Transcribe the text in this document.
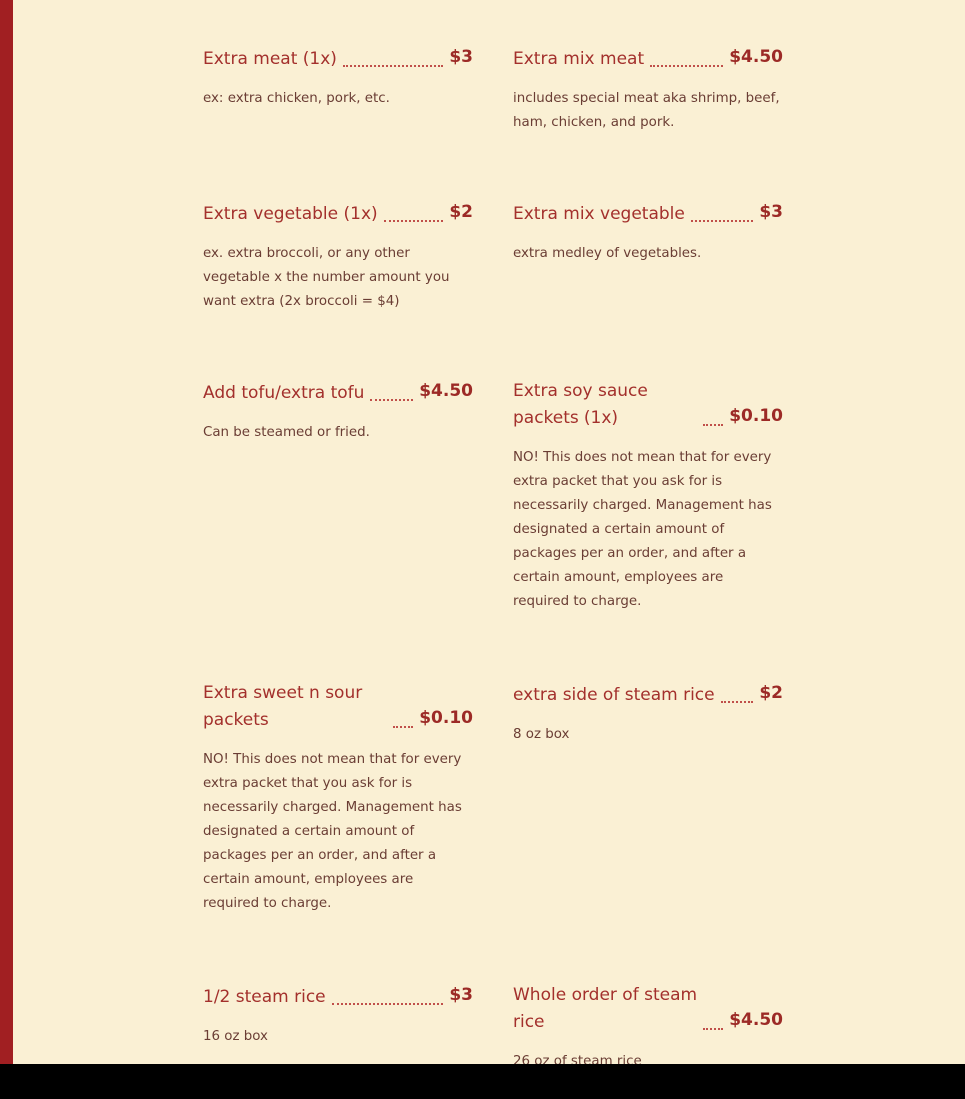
Extra meat (1x)	$3
ex: extra chicken, pork, etc.
Extra mix meat	$4.50
includes special meat aka shrimp, beef, ham, chicken, and pork.
Extra vegetable (1x)	$2
ex. extra broccoli, or any other vegetable x the number amount you want extra (2x broccoli = $4)
Extra mix vegetable	$3
extra medley of vegetables.
Add tofu/extra tofu	$4.50
Can be steamed or fried.
Extra soy sauce packets (1x)	$0.10
NO! This does not mean that for every extra packet that you ask for is necessarily charged. Management has designated a certain amount of packages per an order, and after a certain amount, employees are required to charge.
Extra sweet n sour packets	$0.10
NO! This does not mean that for every extra packet that you ask for is necessarily charged. Management has designated a certain amount of packages per an order, and after a certain amount, employees are required to charge.
extra side of steam rice	$2
8 oz box
1/2 steam rice	$3
16 oz box
Whole order of steam rice	$4.50
26 oz of steam rice
